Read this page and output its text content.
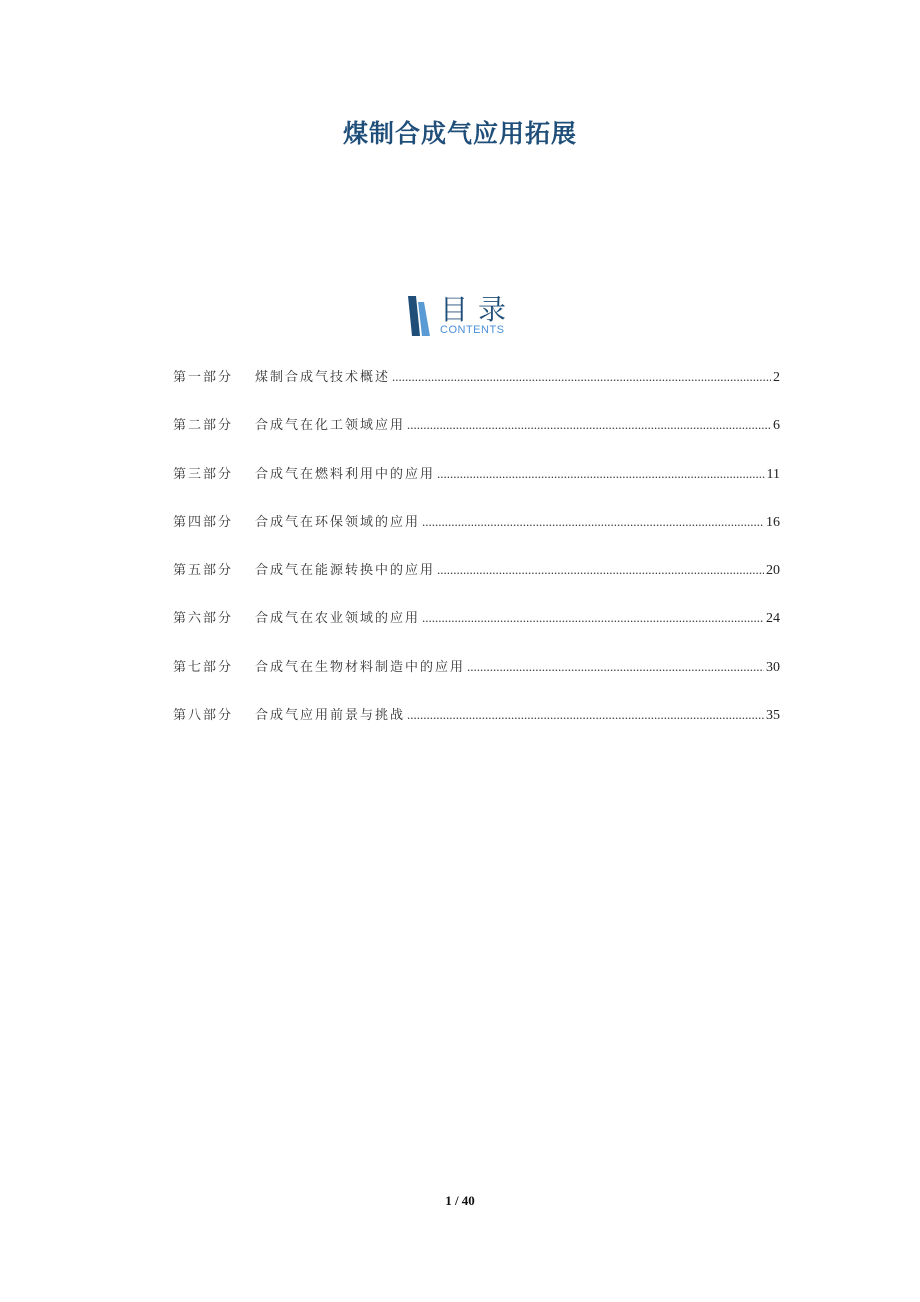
煤制合成气应用拓展
目录
CONTENTS
第一部分	煤制合成气技术概述 .....	2
第二部分	合成气在化工领域应用 .....	6
第三部分	合成气在燃料利用中的应用 .....	11
第四部分	合成气在环保领域的应用 .....	16
第五部分	合成气在能源转换中的应用 .....	20
第六部分	合成气在农业领域的应用 .....	24
第七部分	合成气在生物材料制造中的应用 .....	30
第八部分	合成气应用前景与挑战 .....	35
1 / 40
